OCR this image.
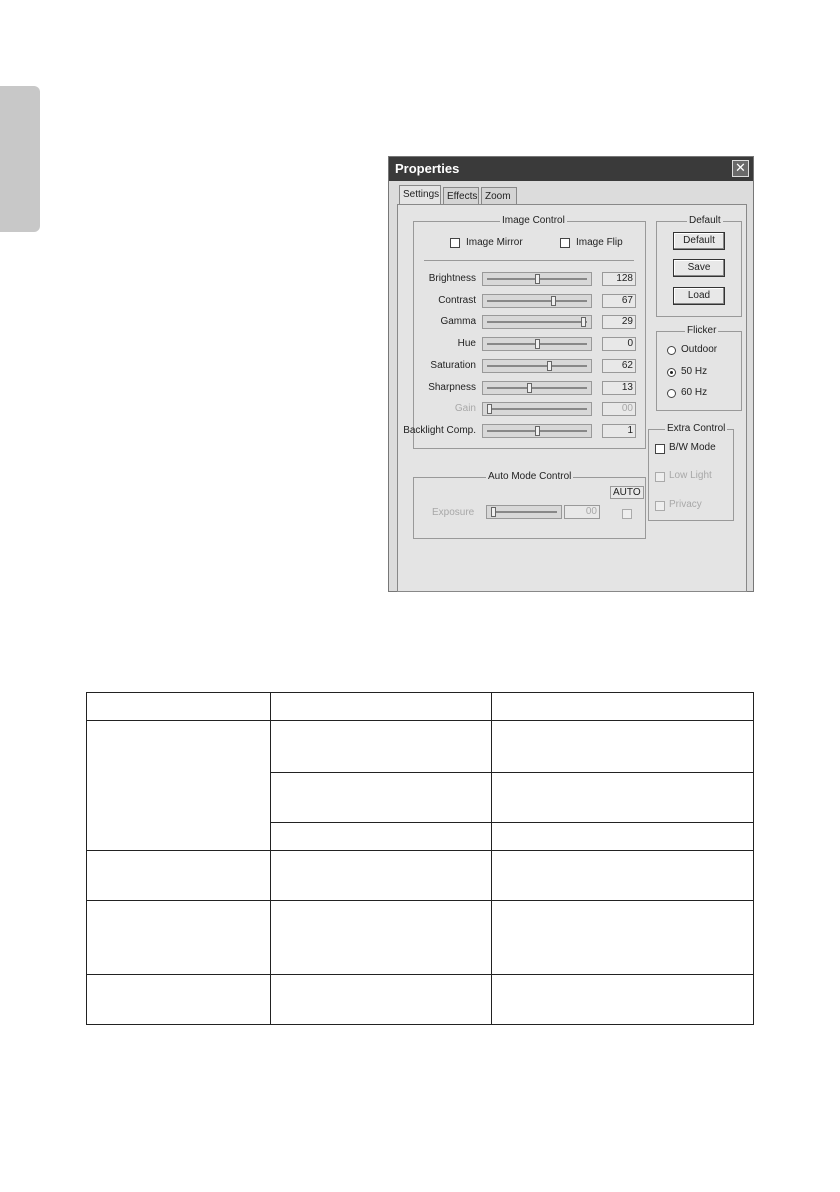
Properties	✕
Settings Effects Zoom
Image Control
Image Mirror	Image Flip
Brightness	128
Contrast	67
Gamma	29
Hue	0
Saturation	62
Sharpness	13
Gain	00
Backlight Comp.	1
Auto Mode Control
AUTO
Exposure	00
Default
Default
Save
Load
Flicker
Outdoor
50 Hz
60 Hz
Extra Control
B/W Mode
Low Light
Privacy
